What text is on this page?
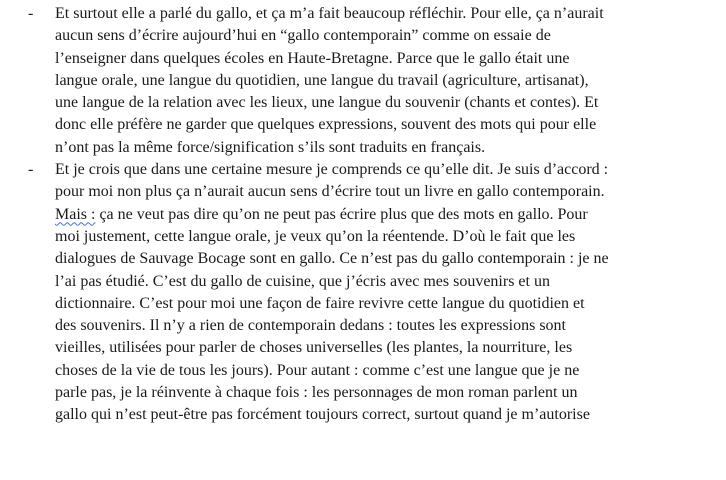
- Et surtout elle a parlé du gallo, et ça m’a fait beaucoup réfléchir. Pour elle, ça n’aurait
aucun sens d’écrire aujourd’hui en “gallo contemporain” comme on essaie de
l’enseigner dans quelques écoles en Haute-Bretagne. Parce que le gallo était une
langue orale, une langue du quotidien, une langue du travail (agriculture, artisanat),
une langue de la relation avec les lieux, une langue du souvenir (chants et contes). Et
donc elle préfère ne garder que quelques expressions, souvent des mots qui pour elle
n’ont pas la même force/signification s’ils sont traduits en français.
- Et je crois que dans une certaine mesure je comprends ce qu’elle dit. Je suis d’accord :
pour moi non plus ça n’aurait aucun sens d’écrire tout un livre en gallo contemporain.
Mais : ça ne veut pas dire qu’on ne peut pas écrire plus que des mots en gallo. Pour
moi justement, cette langue orale, je veux qu’on la réentende. D’où le fait que les
dialogues de Sauvage Bocage sont en gallo. Ce n’est pas du gallo contemporain : je ne
l’ai pas étudié. C’est du gallo de cuisine, que j’écris avec mes souvenirs et un
dictionnaire. C’est pour moi une façon de faire revivre cette langue du quotidien et
des souvenirs. Il n’y a rien de contemporain dedans : toutes les expressions sont
vieilles, utilisées pour parler de choses universelles (les plantes, la nourriture, les
choses de la vie de tous les jours). Pour autant : comme c’est une langue que je ne
parle pas, je la réinvente à chaque fois : les personnages de mon roman parlent un
gallo qui n’est peut-être pas forcément toujours correct, surtout quand je m’autorise
